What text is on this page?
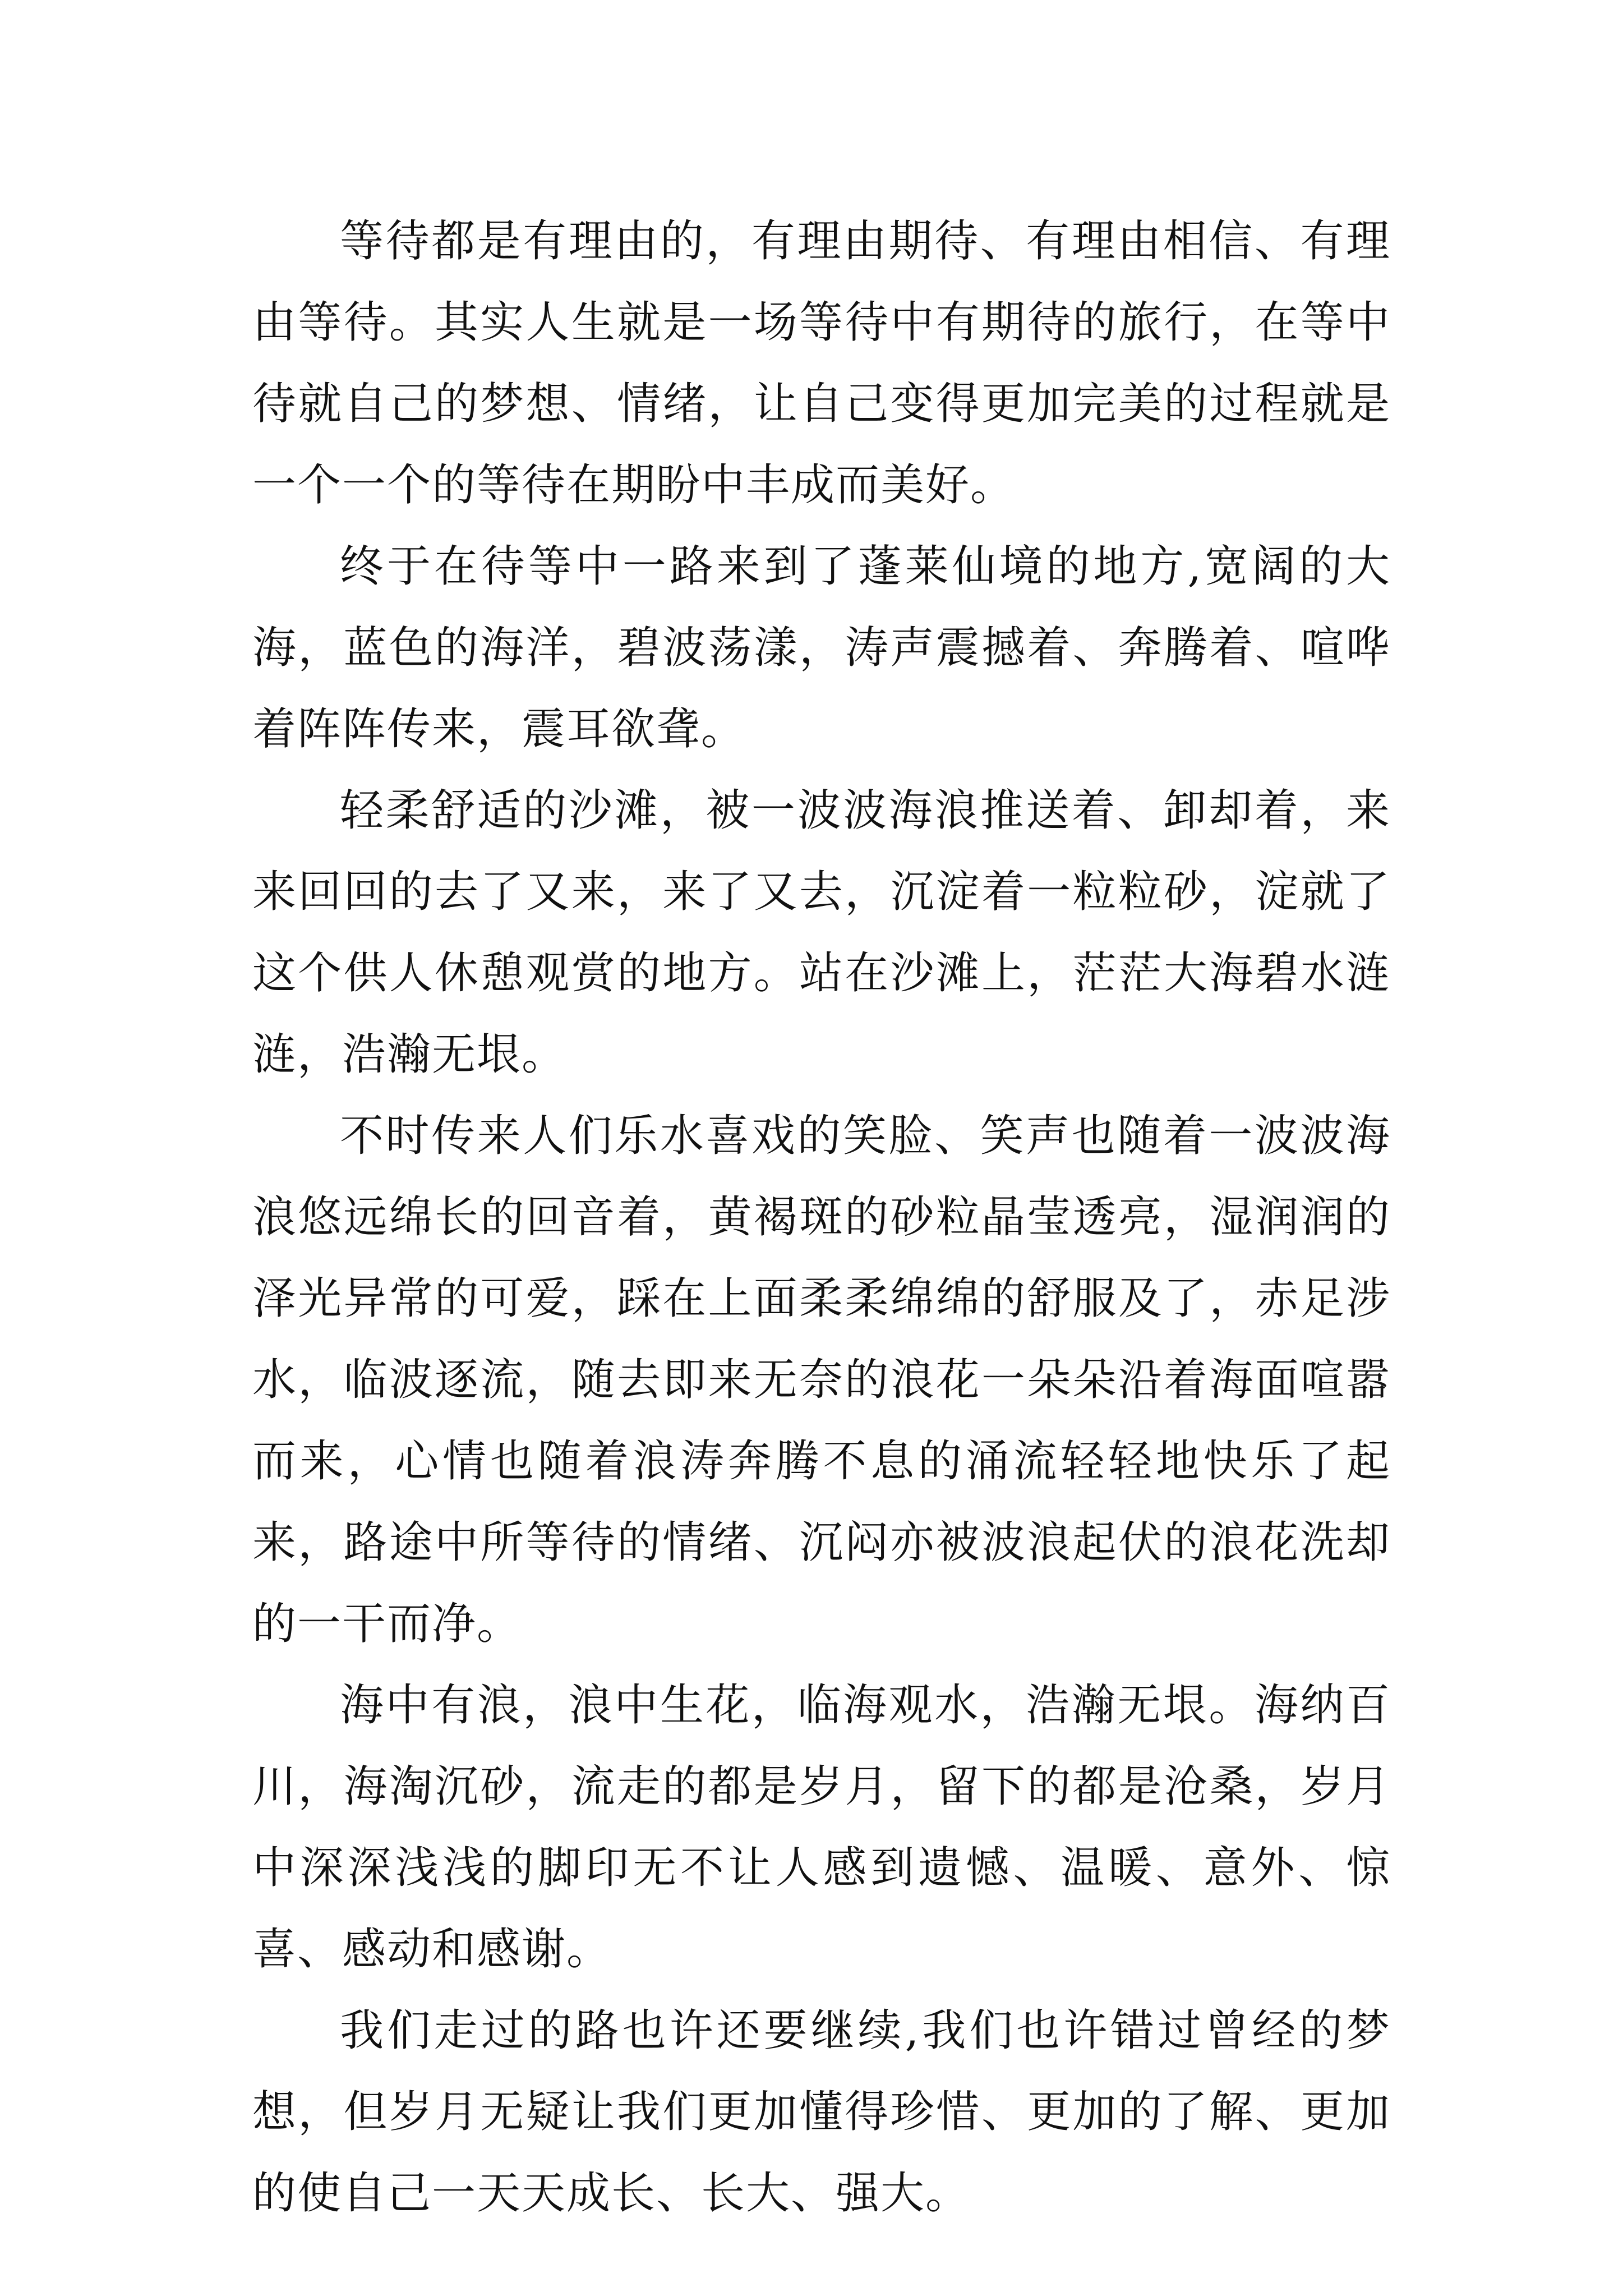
等待都是有理由的，有理由期待、有理由相信、有理由等待。其实人生就是一场等待中有期待的旅行，在等中待就自己的梦想、情绪，让自己变得更加完美的过程就是一个一个的等待在期盼中丰成而美好。

终于在待等中一路来到了蓬莱仙境的地方,宽阔的大海，蓝色的海洋，碧波荡漾，涛声震撼着、奔腾着、喧哗着阵阵传来，震耳欲聋。

轻柔舒适的沙滩，被一波波海浪推送着、卸却着，来来回回的去了又来，来了又去，沉淀着一粒粒砂，淀就了这个供人休憩观赏的地方。站在沙滩上，茫茫大海碧水涟涟，浩瀚无垠。

不时传来人们乐水喜戏的笑脸、笑声也随着一波波海浪悠远绵长的回音着，黄褐斑的砂粒晶莹透亮，湿润润的泽光异常的可爱，踩在上面柔柔绵绵的舒服及了，赤足涉水，临波逐流，随去即来无奈的浪花一朵朵沿着海面喧嚣而来，心情也随着浪涛奔腾不息的涌流轻轻地快乐了起来，路途中所等待的情绪、沉闷亦被波浪起伏的浪花洗却的一干而净。

海中有浪，浪中生花，临海观水，浩瀚无垠。海纳百川，海淘沉砂，流走的都是岁月，留下的都是沧桑，岁月中深深浅浅的脚印无不让人感到遗憾、温暖、意外、惊喜、感动和感谢。

我们走过的路也许还要继续,我们也许错过曾经的梦想，但岁月无疑让我们更加懂得珍惜、更加的了解、更加的使自己一天天成长、长大、强大。
